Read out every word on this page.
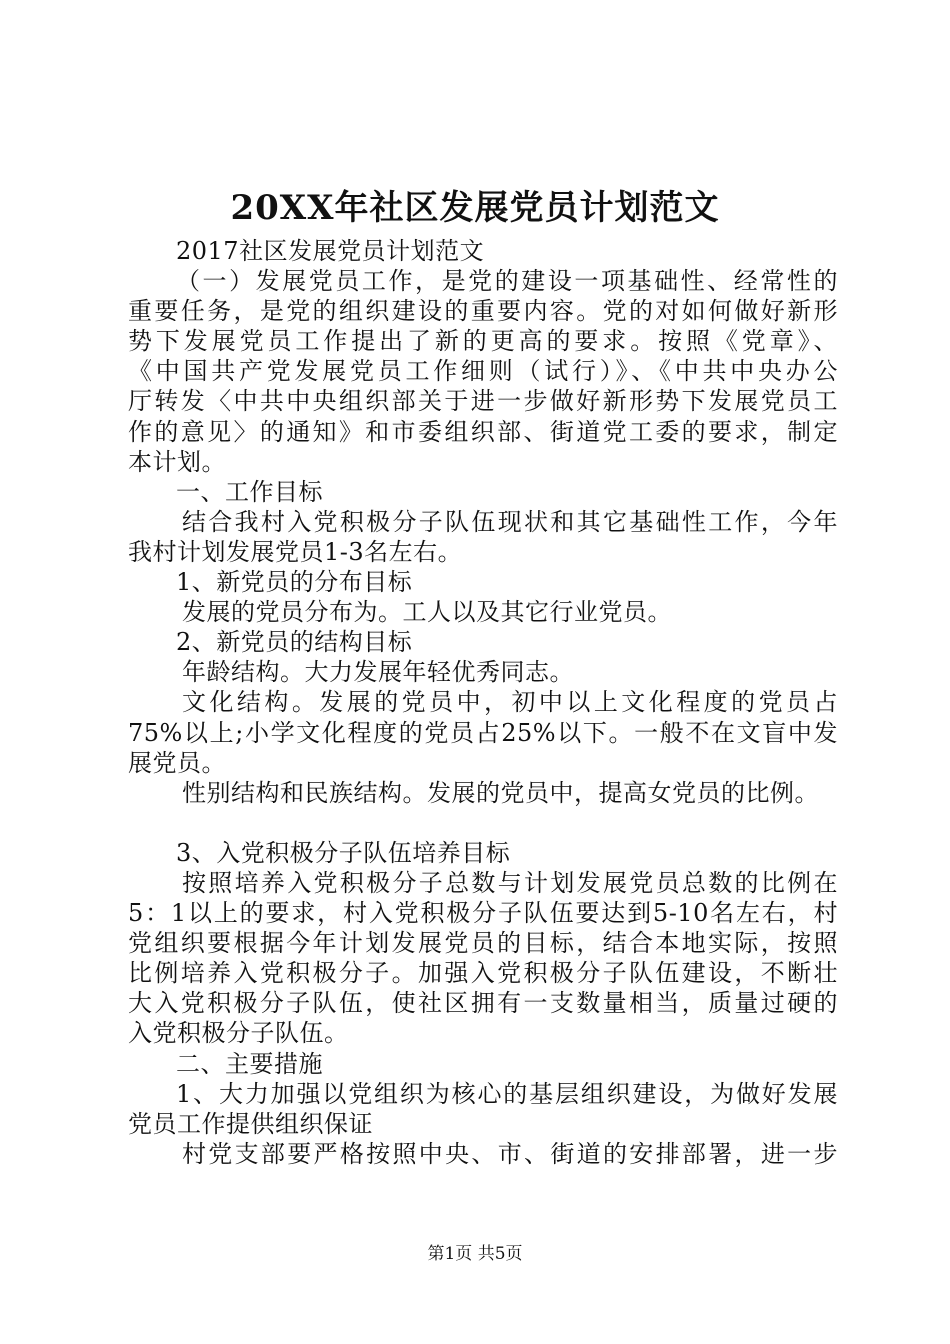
20XX年社区发展党员计划范文
2017社区发展党员计划范文
（一）发展党员工作，是党的建设一项基础性、经常性的
重要任务，是党的组织建设的重要内容。党的对如何做好新形
势下发展党员工作提出了新的更高的要求。按照《党章》、
《中国共产党发展党员工作细则（试行）》、《中共中央办公
厅转发〈中共中央组织部关于进一步做好新形势下发展党员工
作的意见〉的通知》和市委组织部、街道党工委的要求，制定
本计划。
一、工作目标
结合我村入党积极分子队伍现状和其它基础性工作，今年
我村计划发展党员1-3名左右。
1、新党员的分布目标
发展的党员分布为。工人以及其它行业党员。
2、新党员的结构目标
年龄结构。大力发展年轻优秀同志。
文化结构。发展的党员中，初中以上文化程度的党员占
75%以上;小学文化程度的党员占25%以下。一般不在文盲中发
展党员。
性别结构和民族结构。发展的党员中，提高女党员的比例。
3、入党积极分子队伍培养目标
按照培养入党积极分子总数与计划发展党员总数的比例在
5：1以上的要求，村入党积极分子队伍要达到5-10名左右，村
党组织要根据今年计划发展党员的目标，结合本地实际，按照
比例培养入党积极分子。加强入党积极分子队伍建设，不断壮
大入党积极分子队伍，使社区拥有一支数量相当，质量过硬的
入党积极分子队伍。
二、主要措施
1、大力加强以党组织为核心的基层组织建设，为做好发展
党员工作提供组织保证
村党支部要严格按照中央、市、街道的安排部署，进一步
第1页 共5页
